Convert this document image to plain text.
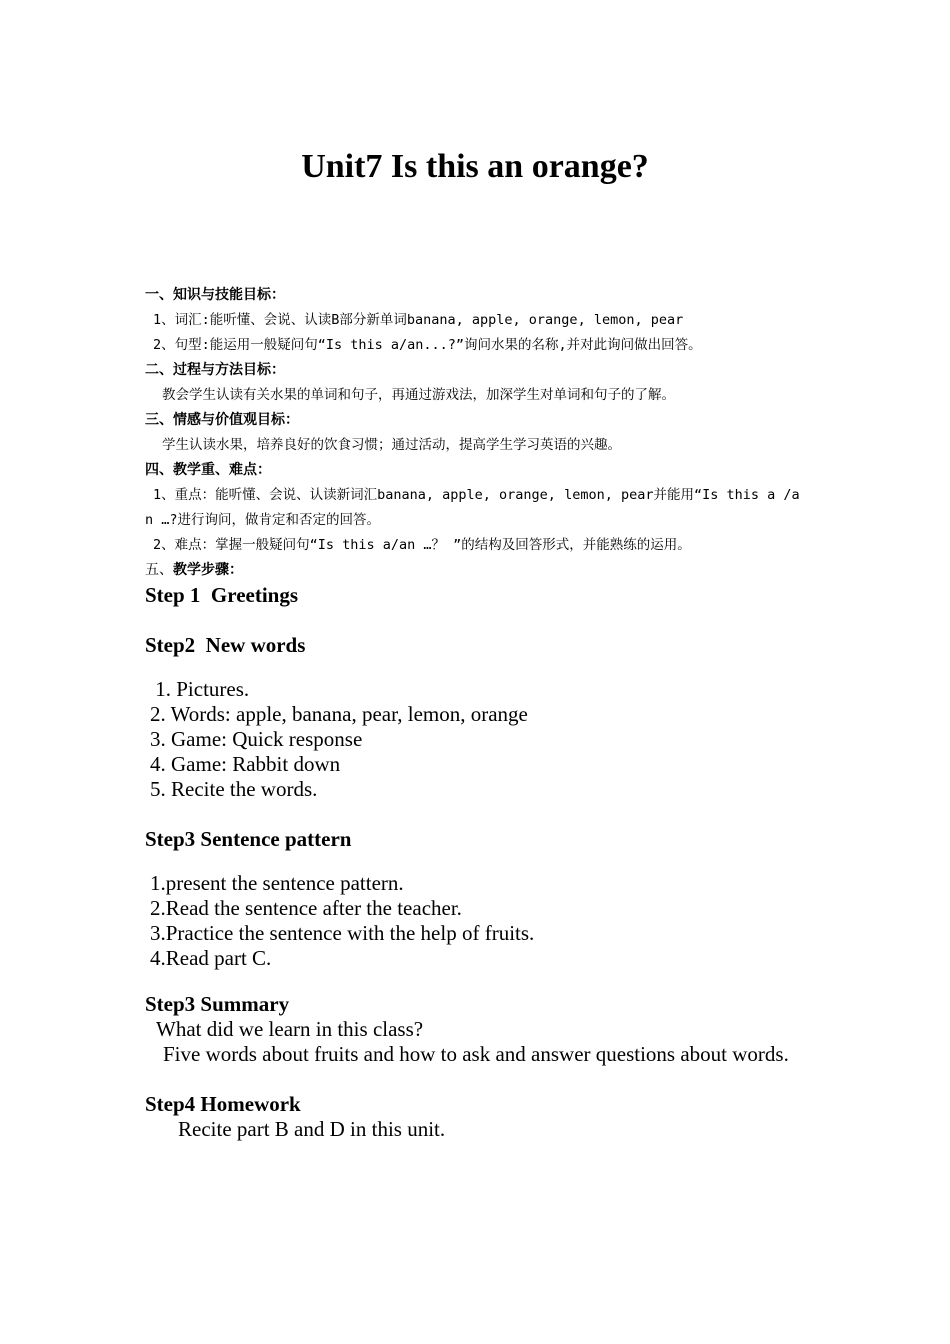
Unit7 Is this an orange?
一、知识与技能目标：
1、词汇:能听懂、会说、认读B部分新单词banana, apple, orange, lemon, pear
2、句型:能运用一般疑问句“Is this a/an...?”询问水果的名称,并对此询问做出回答。
二、过程与方法目标：
教会学生认读有关水果的单词和句子，再通过游戏法，加深学生对单词和句子的了解。
三、情感与价值观目标：
学生认读水果，培养良好的饮食习惯；通过活动，提高学生学习英语的兴趣。
四、教学重、难点：
1、重点：能听懂、会说、认读新词汇banana, apple, orange, lemon, pear并能用“Is this a /an …?进行询问，做肯定和否定的回答。
2、难点：掌握一般疑问句“Is this a/an …？ ”的结构及回答形式，并能熟练的运用。
五、教学步骤：
Step 1  Greetings
Step2  New words
1. Pictures.
2. Words: apple, banana, pear, lemon, orange
3. Game: Quick response
4. Game: Rabbit down
5. Recite the words.
Step3 Sentence pattern
1.present the sentence pattern.
2.Read the sentence after the teacher.
3.Practice the sentence with the help of fruits.
4.Read part C.
Step3 Summary
What did we learn in this class?
Five words about fruits and how to ask and answer questions about words.
Step4 Homework
Recite part B and D in this unit.
